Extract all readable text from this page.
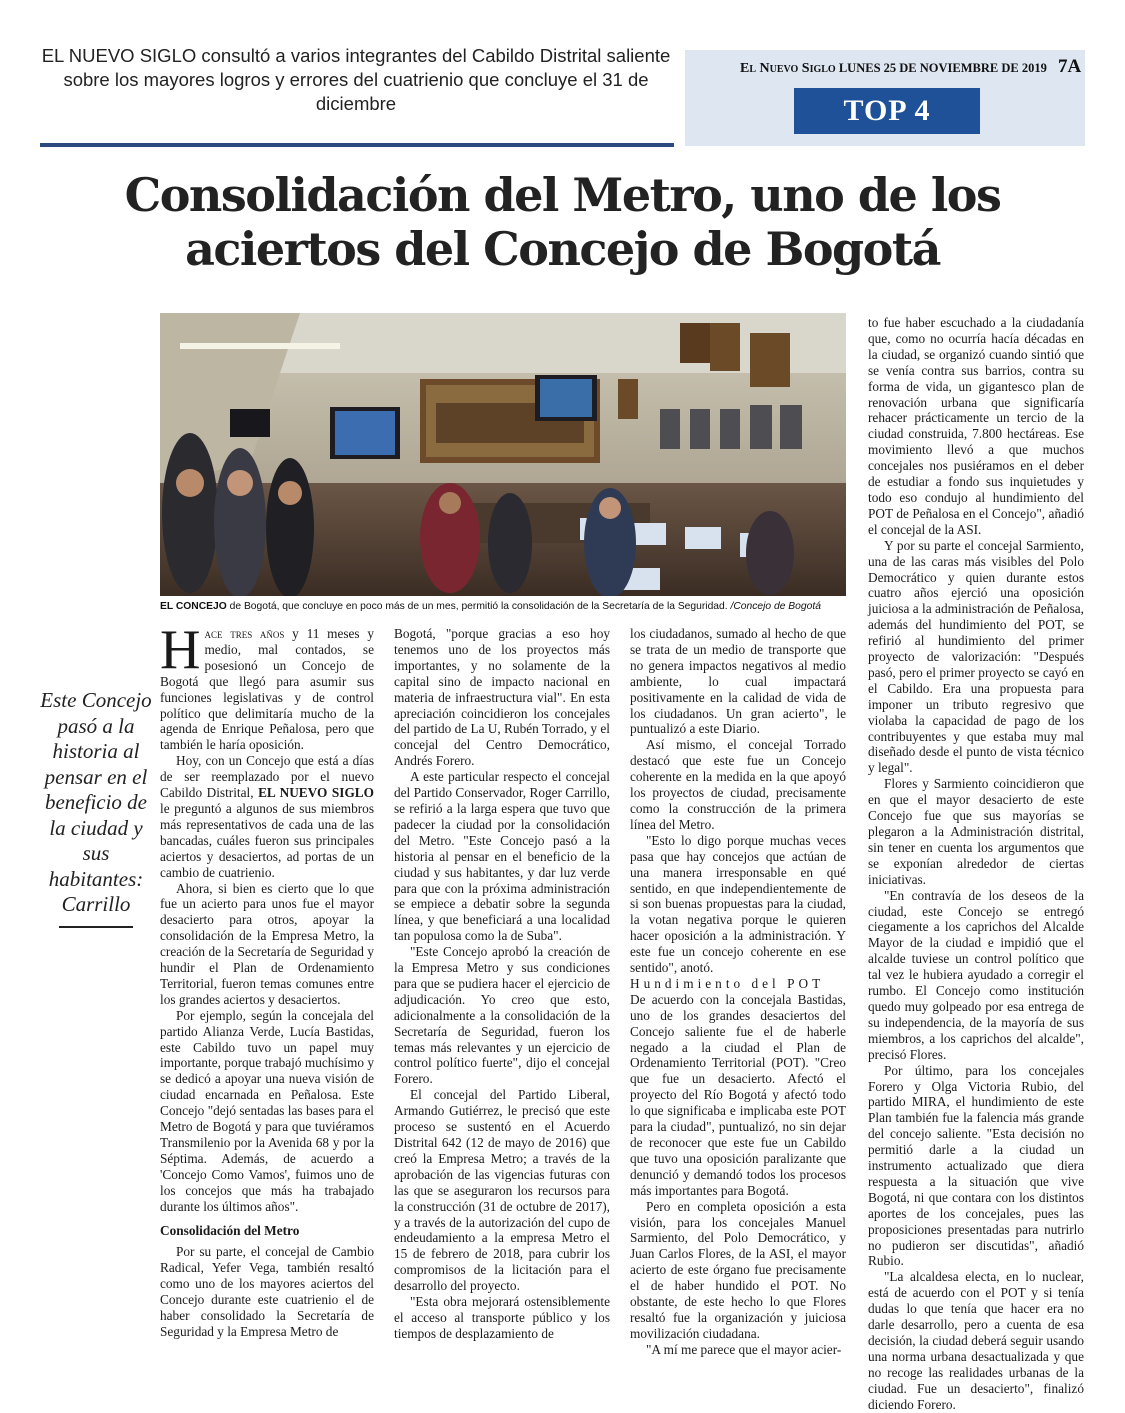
EL NUEVO SIGLO consultó a varios integrantes del Cabildo Distrital saliente sobre los mayores logros y errores del cuatrienio que concluye el 31 de diciembre
El Nuevo Siglo LUNES 25 DE NOVIEMBRE DE 2019 7A
TOP 4
Consolidación del Metro, uno de los aciertos del Concejo de Bogotá
EL CONCEJO de Bogotá, que concluye en poco más de un mes, permitió la consolidación de la Secretaría de la Seguridad. /Concejo de Bogotá
Este Concejo pasó a la historia al pensar en el beneficio de la ciudad y sus habitantes: Carrillo

Hace tres años y 11 meses y medio, mal contados, se posesionó un Concejo de Bogotá que llegó para asumir sus funciones legislativas y de control político que delimitaría mucho de la agenda de Enrique Peñalosa, pero que también le haría oposición.

Hoy, con un Concejo que está a días de ser reemplazado por el nuevo Cabildo Distrital, EL NUEVO SIGLO le preguntó a algunos de sus miembros más representativos de cada una de las bancadas, cuáles fueron sus principales aciertos y desaciertos, ad portas de un cambio de cuatrienio.

Ahora, si bien es cierto que lo que fue un acierto para unos fue el mayor desacierto para otros, apoyar la consolidación de la Empresa Metro, la creación de la Secretaría de Seguridad y hundir el Plan de Ordenamiento Territorial, fueron temas comunes entre los grandes aciertos y desaciertos.

Por ejemplo, según la concejala del partido Alianza Verde, Lucía Bastidas, este Cabildo tuvo un papel muy importante, porque trabajó muchísimo y se dedicó a apoyar una nueva visión de ciudad encarnada en Peñalosa. Este Concejo "dejó sentadas las bases para el Metro de Bogotá y para que tuviéramos Transmilenio por la Avenida 68 y por la Séptima. Además, de acuerdo a 'Concejo Como Vamos', fuimos uno de los concejos que más ha trabajado durante los últimos años".

Consolidación del Metro

Por su parte, el concejal de Cambio Radical, Yefer Vega, también resaltó como uno de los mayores aciertos del Concejo durante este cuatrienio el de haber consolidado la Secretaría de Seguridad y la Empresa Metro de

Bogotá, "porque gracias a eso hoy tenemos uno de los proyectos más importantes, y no solamente de la capital sino de impacto nacional en materia de infraestructura vial". En esta apreciación coincidieron los concejales del partido de La U, Rubén Torrado, y el concejal del Centro Democrático, Andrés Forero.

A este particular respecto el concejal del Partido Conservador, Roger Carrillo, se refirió a la larga espera que tuvo que padecer la ciudad por la consolidación del Metro. "Este Concejo pasó a la historia al pensar en el beneficio de la ciudad y sus habitantes, y dar luz verde para que con la próxima administración se empiece a debatir sobre la segunda línea, y que beneficiará a una localidad tan populosa como la de Suba".

"Este Concejo aprobó la creación de la Empresa Metro y sus condiciones para que se pudiera hacer el ejercicio de adjudicación. Yo creo que esto, adicionalmente a la consolidación de la Secretaría de Seguridad, fueron los temas más relevantes y un ejercicio de control político fuerte", dijo el concejal Forero.

El concejal del Partido Liberal, Armando Gutiérrez, le precisó que este proceso se sustentó en el Acuerdo Distrital 642 (12 de mayo de 2016) que creó la Empresa Metro; a través de la aprobación de las vigencias futuras con las que se aseguraron los recursos para la construcción (31 de octubre de 2017), y a través de la autorización del cupo de endeudamiento a la empresa Metro el 15 de febrero de 2018, para cubrir los compromisos de la licitación para el desarrollo del proyecto.

"Esta obra mejorará ostensiblemente el acceso al transporte público y los tiempos de desplazamiento de

los ciudadanos, sumado al hecho de que se trata de un medio de transporte que no genera impactos negativos al medio ambiente, lo cual impactará positivamente en la calidad de vida de los ciudadanos. Un gran acierto", le puntualizó a este Diario.

Así mismo, el concejal Torrado destacó que este fue un Concejo coherente en la medida en la que apoyó los proyectos de ciudad, precisamente como la construcción de la primera línea del Metro.

"Esto lo digo porque muchas veces pasa que hay concejos que actúan de una manera irresponsable en qué sentido, en que independientemente de si son buenas propuestas para la ciudad, la votan negativa porque le quieren hacer oposición a la administración. Y este fue un concejo coherente en ese sentido", anotó.

Hundimiento del POT

De acuerdo con la concejala Bastidas, uno de los grandes desaciertos del Concejo saliente fue el de haberle negado a la ciudad el Plan de Ordenamiento Territorial (POT). "Creo que fue un desacierto. Afectó el proyecto del Río Bogotá y afectó todo lo que significaba e implicaba este POT para la ciudad", puntualizó, no sin dejar de reconocer que este fue un Cabildo que tuvo una oposición paralizante que denunció y demandó todos los procesos más importantes para Bogotá.

Pero en completa oposición a esta visión, para los concejales Manuel Sarmiento, del Polo Democrático, y Juan Carlos Flores, de la ASI, el mayor acierto de este órgano fue precisamente el de haber hundido el POT. No obstante, de este hecho lo que Flores resaltó fue la organización y juiciosa movilización ciudadana.

"A mí me parece que el mayor acier-

to fue haber escuchado a la ciudadanía que, como no ocurría hacía décadas en la ciudad, se organizó cuando sintió que se venía contra sus barrios, contra su forma de vida, un gigantesco plan de renovación urbana que significaría rehacer prácticamente un tercio de la ciudad construida, 7.800 hectáreas. Ese movimiento llevó a que muchos concejales nos pusiéramos en el deber de estudiar a fondo sus inquietudes y todo eso condujo al hundimiento del POT de Peñalosa en el Concejo", añadió el concejal de la ASI.

Y por su parte el concejal Sarmiento, una de las caras más visibles del Polo Democrático y quien durante estos cuatro años ejerció una oposición juiciosa a la administración de Peñalosa, además del hundimiento del POT, se refirió al hundimiento del primer proyecto de valorización: "Después pasó, pero el primer proyecto se cayó en el Cabildo. Era una propuesta para imponer un tributo regresivo que violaba la capacidad de pago de los contribuyentes y que estaba muy mal diseñado desde el punto de vista técnico y legal".

Flores y Sarmiento coincidieron que en que el mayor desacierto de este Concejo fue que sus mayorías se plegaron a la Administración distrital, sin tener en cuenta los argumentos que se exponían alrededor de ciertas iniciativas.

"En contravía de los deseos de la ciudad, este Concejo se entregó ciegamente a los caprichos del Alcalde Mayor de la ciudad e impidió que el alcalde tuviese un control político que tal vez le hubiera ayudado a corregir el rumbo. El Concejo como institución quedo muy golpeado por esa entrega de su independencia, de la mayoría de sus miembros, a los caprichos del alcalde", precisó Flores.

Por último, para los concejales Forero y Olga Victoria Rubio, del partido MIRA, el hundimiento de este Plan también fue la falencia más grande del concejo saliente. "Esta decisión no permitió darle a la ciudad un instrumento actualizado que diera respuesta a la situación que vive Bogotá, ni que contara con los distintos aportes de los concejales, pues las proposiciones presentadas para nutrirlo no pudieron ser discutidas", añadió Rubio.

"La alcaldesa electa, en lo nuclear, está de acuerdo con el POT y si tenía dudas lo que tenía que hacer era no darle desarrollo, pero a cuenta de esa decisión, la ciudad deberá seguir usando una norma urbana desactualizada y que no recoge las realidades urbanas de la ciudad. Fue un desacierto", finalizó diciendo Forero.
